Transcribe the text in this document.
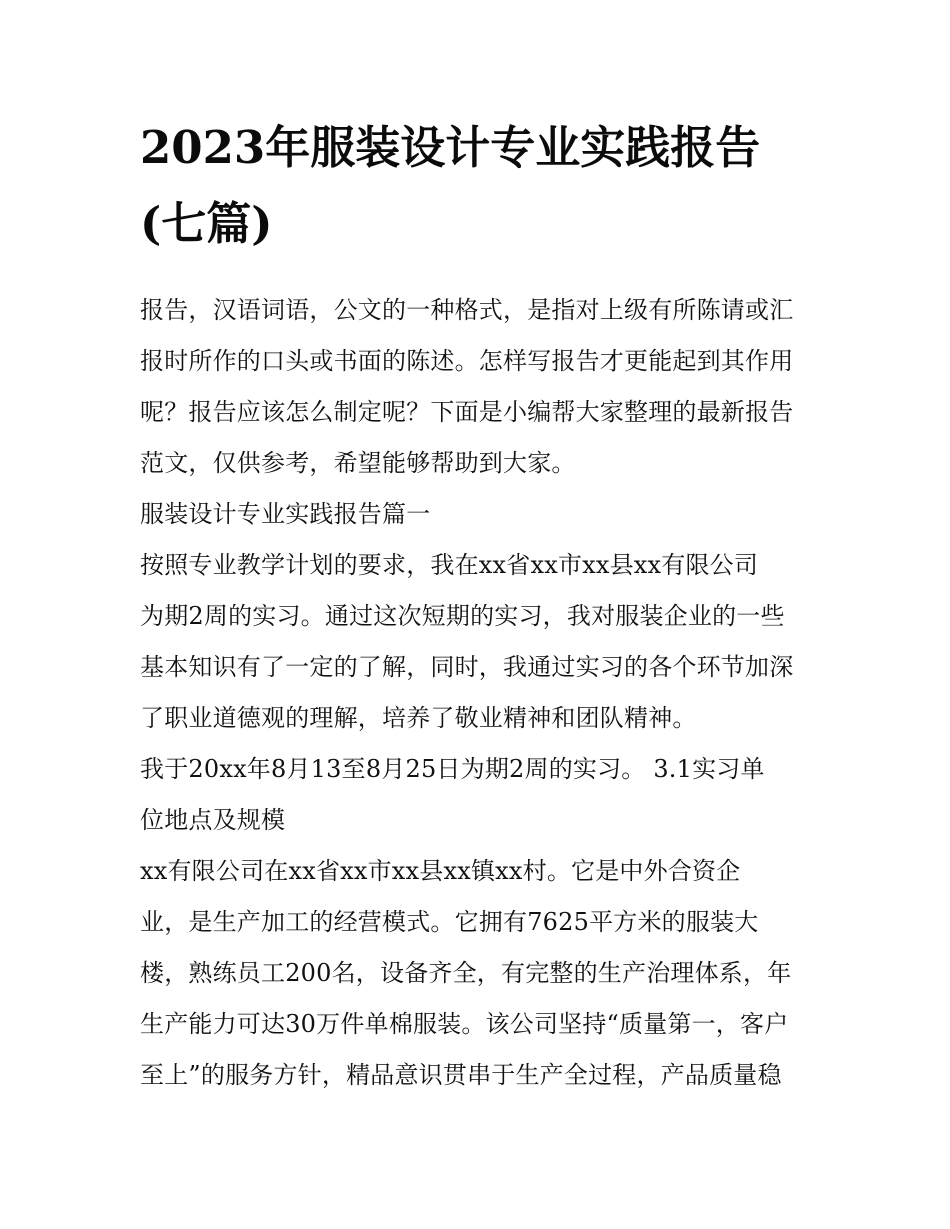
2023年服装设计专业实践报告
(七篇)
报告，汉语词语，公文的一种格式，是指对上级有所陈请或汇
报时所作的口头或书面的陈述。怎样写报告才更能起到其作用
呢？报告应该怎么制定呢？下面是小编帮大家整理的最新报告
范文，仅供参考，希望能够帮助到大家。
服装设计专业实践报告篇一
按照专业教学计划的要求，我在xx省xx市xx县xx有限公司
为期2周的实习。通过这次短期的实习，我对服装企业的一些
基本知识有了一定的了解，同时，我通过实习的各个环节加深
了职业道德观的理解，培养了敬业精神和团队精神。
我于20xx年8月13至8月25日为期2周的实习。 3.1实习单
位地点及规模
xx有限公司在xx省xx市xx县xx镇xx村。它是中外合资企
业，是生产加工的经营模式。它拥有7625平方米的服装大
楼，熟练员工200名，设备齐全，有完整的生产治理体系，年
生产能力可达30万件单棉服装。该公司坚持“质量第一，客户
至上”的服务方针，精品意识贯串于生产全过程，产品质量稳
